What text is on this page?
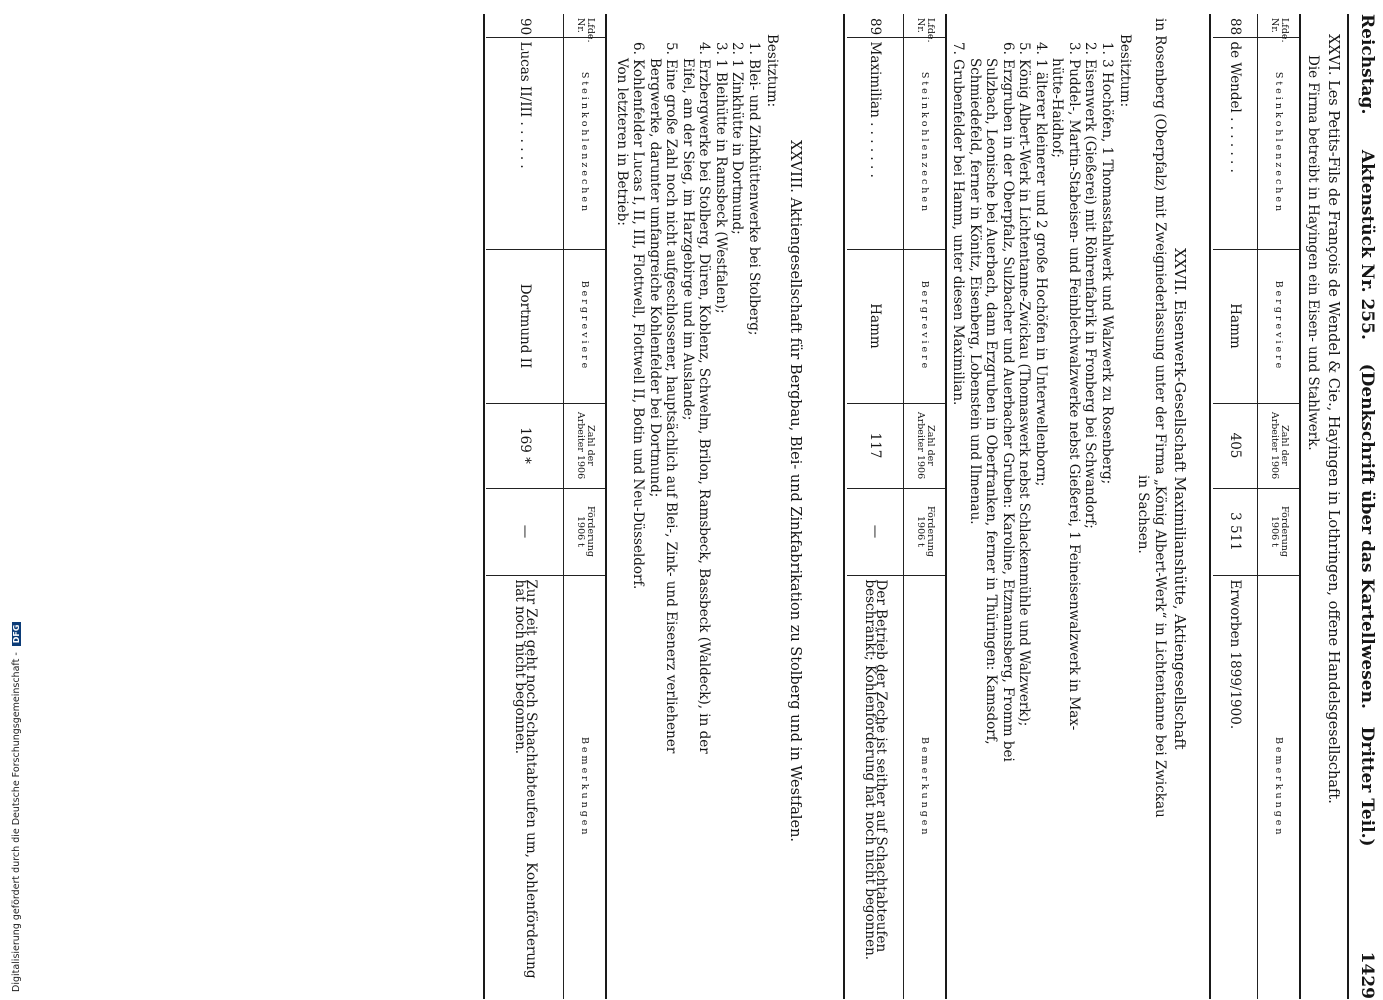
Reichstag.      Aktenstück Nr. 255.    (Denkschrift über das Kartellwesen.   Dritter Teil.)
1429
XXVI. Les Petits-Fils de François de Wendel & Cie., Hayingen in Lothringen, offene Handelsgesellschaft.
Die Firma betreibt in Hayingen ein Eisen- und Stahlwerk.
Lfde. Nr.	Steinkohlenzechen	Bergreviere	Zahl der Arbeiter 1906	Förderung 1906 t	Bemerkungen
88	de Wendel . . . . . . .	Hamm	405	3 511	Erworben 1899/1900.
XXVII. Eisenwerk-Gesellschaft Maximilianshütte, Aktiengesellschaft
in Rosenberg (Oberpfalz) mit Zweigniederlassung unter der Firma „König Albert-Werk“ in Lichtentanne bei Zwickau
in Sachsen.
Besitztum:
1. 3 Hochöfen, 1 Thomasstahlwerk und Walzwerk zu Rosenberg;
2. Eisenwerk (Gießerei) mit Röhrenfabrik in Fronberg bei Schwandorf;
3. Puddel-, Martin-Stabeisen- und Feinblechwalzwerke nebst Gießerei, 1 Feineisenwalzwerk in Max-
hütte-Haidhof;
4. 1 älterer kleinerer und 2 große Hochöfen in Unterwellenborn;
5. König Albert-Werk in Lichtentanne-Zwickau (Thomaswerk nebst Schlackenmühle und Walzwerk);
6. Erzgruben in der Oberpfalz, Sulzbacher und Auerbacher Gruben: Karoline, Etzmannsberg, Fromm bei
Sulzbach, Leonische bei Auerbach, dann Erzgruben in Oberfranken, ferner in Thüringen: Kamsdorf,
Schmiedefeld, ferner in Könitz, Eisenberg, Lobenstein und Ilmenau.
7. Grubenfelder bei Hamm, unter diesen Maximilian.
Lfde. Nr.	Steinkohlenzechen	Bergreviere	Zahl der Arbeiter 1906	Förderung 1906 t	Bemerkungen
89	Maximilian . . . . . . .	Hamm	117	—	Der Betrieb der Zeche ist seither auf Schachtabteufen beschränkt; Kohlenförderung hat noch nicht begonnen.
XXVIII. Aktiengesellschaft für Bergbau, Blei- und Zinkfabrikation zu Stolberg und in Westfalen.
Besitztum:
1. Blei- und Zinkhüttenwerke bei Stolberg;
2. 1 Zinkhütte in Dortmund;
3. 1 Bleihütte in Ramsbeck (Westfalen);
4. Erzbergwerke bei Stolberg, Düren, Koblenz, Schwelm, Brilon, Ramsbeck, Bassbeck (Waldeck), in der
Eifel, am der Sieg, im Harzgebirge und im Auslande;
5. Eine große Zahl noch nicht aufgeschlossener, hauptsächlich auf Blei-, Zink- und Eisenerz verliehener
Bergwerke, darunter umfangreiche Kohlenfelder bei Dortmund;
6. Kohlenfelder Lucas I, II, III, Flottwell, Flottwell II, Botin und Neu-Düsseldorf.
Von letzteren in Betrieb:
Lfde. Nr.	Steinkohlenzechen	Bergreviere	Zahl der Arbeiter 1906	Förderung 1906 t	Bemerkungen
90	Lucas II/III . . . . . .	Dortmund II	169 *	—	Zur Zeit geht noch Schachtabteufen um, Kohlenförderung hat noch nicht begonnen.
Digitalisierung gefördert durch die Deutsche Forschungsgemeinschaft - DFG
